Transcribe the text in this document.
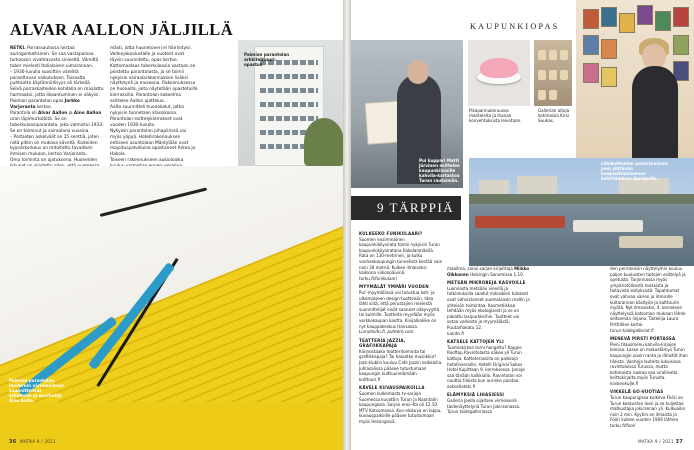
ALVAR AALLON JÄLJILLÄ

RETKI. Porrassaulassa loistaa auringonkeltainen. Se saa vastapainoa turkoosiin vivahtavasta siniseltä. Väreiltä tuber mielesti Italialaisen uimarannan.

– 1930-luvulla suosittiin väreiltä paranttavan vaikutuksen. Toisaalta puhtautta käytännöllisyys oli tärkeää. Selvä porraskaiteiden kohdalla on maalattu harmaaksi, jotta likaantuminen ei näkyisi, Paimion parantolan opas Jarkko Varjoranta kertoo.

Parantola oli Alvar Aallon ja Aino Aallon uran läpimurtotöitä. Se on tuberkuloosiparantola, joka valmistui 1933. Se on toiminut ja sairaalana vuosina.

– Portaiden askelvälit on 15 senttiä, joten niitä pitkin on mukava kävellä. Kaiteiden kyynärkorkeus on mitoitettu tavallisen ihmisen mukaan, kertoo Varjoranta.

Oma toiminta on ajatuksena. Huoneiden

mästi, jotta huonetoveri ei häiriintyisi. Vedenjakoalustalle ja vuoteet ovat täysin suunniteltu, opas kertoo.

Kattomaalaus tuberkuloosia vastaan on poistettu parantolasta, ja se toimii nykyisin sairaalarakennuksen lisäksi näyttelynä ja museona. Rakennuksessa on huoneita, joita näytetään opastetuilla kierroksilla. Parantolan kokoelma esittelee Aallon ajattelua.

Aalto suunnitteli huonekalut, jotka nykyisin tunnetaan klassikoina. Parantolan esittelykierrokset ovat vuoden 1930-luvulla.

Nykyisin parantolan pihapiirissä voi myös yöpyä. Hotellirakennuksen entiseen asuntolaan Mäntylään ovat majoituspalveluina opastaneet Arkea ja Hakola.

Toiseen rakennukseen aukioloaika

Paimion parantolan arkkitehtuuri-opastus
Paimion parantolan modernin värimaailman suunnittelivat arkkitehti ja muotoilija Aino Aalto.
36 MATKA 9 / 2021
KAUPUNKIOPAS
Pui kuppari Matti Järvinen esittelee kaupunkilaisille kahvila-kartastoa Turun rautaimiin.
Pikapannukeruussa manteleita ja ihanan konvehtuksista leivotaan.
Gallerian aitoja kotimaisia Kirsi Suukas.
Lähikohteiden parantuminen joen ylittävän kaupunkimaiseman kehittäminen Aurajoella.
9 TÄRPPIÄ

KULKEEKO FUNIKULAARI?

Suomen ensimmäinen kaupunkiköysirata toimii nykyisin Turun kaupunkiköysiratana Kakolanmäellä. Rata on 130-metrinen, ja kulku vanhankaupungin tunnelista kestää vain noin 30 metriä. Kulkee ilmaiseksi kaikkina viikonpäivinä.

turku.fi/funikulaari

MYYMÄLÄT YMPÄRI VUODEN

Pui'-myymälässä voi tutustua koti- ja ulkomaiseen design-tuotteisiin. Idea lähti siitä, että perustajien mielestä suunnittelijat eivät saaneet näkyvyyttä tai kulmille. Tuotteita myydään myös verkkokaupan kautta. Kivijalkaliike on nyt kauppakeskus Hansassa.

Lumohoitu.fi, puhtere.com

TEATTERIA JAZZIA, GRAFIIKKAPAJA

Kiinnostaako teatteritoiminta tai grafiikkapaja? Tai haluatko musiikkia? Jazz-klubiin kuuluu Cafe Jazzin keikkailla. Juhlasalissa pääsee tutustumaan kaupungin kulttuurielämään.

kulttuuri.fi

KÄVELE KUVAUSPAIKOILLA

Suomen kulkemasta tv-sarjoja Suomessa kuvattiin Turun ja Naantalin kaupungissa. Sarjan ensi-ilta oli 12.10. MTV Katsomossa. Kun elokuva on loppu, kuvauspaikoille pääsee tutustumaan myös Helsingissä.

maailma, sanoi sarjan kirjoittaja Miikko Oikkonen Helsingin Sanomissa 1.10.

METSÄN MIKROBEJA KASVOILLE

Luonnosta metsään vievillä ja tutkimuksilla saadut mikrobien tulokset ovat vahvistaneet suomalaisen mallin ja yhteisön toimintaa. Kosmetiikkaa tehdään myös ekologisesti ja se on pakattu lasipurkkeihin. Tuotteet voi ostaa verkosta ja myymälästä, Puutarhakatu 12.

luonto.fi

KATSELE KATTOJEN YLI

Tuomiokirkon torni hongeltu? Kappio Rooftop Ravintolasta näkee yli Turun kattoja. Kattoterassilla on paikkoja hotellivieraille, Hotelli Original Sokos Hotel Kupittaan 9. kerroksessa. Jonoja saa tänään kaikkialla. Ravintolan voi nauttia tiloista kun aurinko paistaa.

sokoshotels.fi

ELÄMYKSIÄ LIHASIESSI

Galleria Joella sijaitsee viimeisenä taidenäyttelynä Turun jokirannassa. Turun taidegalleriassa

den perinteisiin näyttelyihin kuuluu paljon kuuluisten taitojen esittelyä ja opetusta. Tarjonnassa myös ympäristöllisistä teoksista ja taitavista esityksistä. Tapahtumat ovat vahvaa värien ja ihmisille kultarannan käsityön ja kulttuurin myötä. Nyt ilmaiseksi, 4. kerroksen näyttelyssä katsomon mukaan lähde seitsemän linjana. Taiteilija Laura Pirttilälen kertoi.

turun-taidegalleriat.fi

MENEVÄ PIRSTI PORTASSA

Pieni tilausmenu kahvila-kirjojen kanssa. Lasse on makuelämys Turun kaupungin uusin ranta ja lähistöt ihan tiloista. Vanhoja lauteita lukuisissa ravintoloissa Turussa, mutta kotimaista ruokaa saa viralliselta keittokirjalta myös Turusta.

koskenkulje.fi

VIKKELÄ GO-VUOTIAS

Turun kaupungissa kulkeva Fööri on Turun keskustan lossi ja se kuljettaa matkustajia jokirannan yli. Kulkuaika noin 2 min. Kyytiin on ilmaista ja Fööri kulkee vuoden 1904 lähtien.

turku.fi/foori

MATKA 9 / 2021 37
